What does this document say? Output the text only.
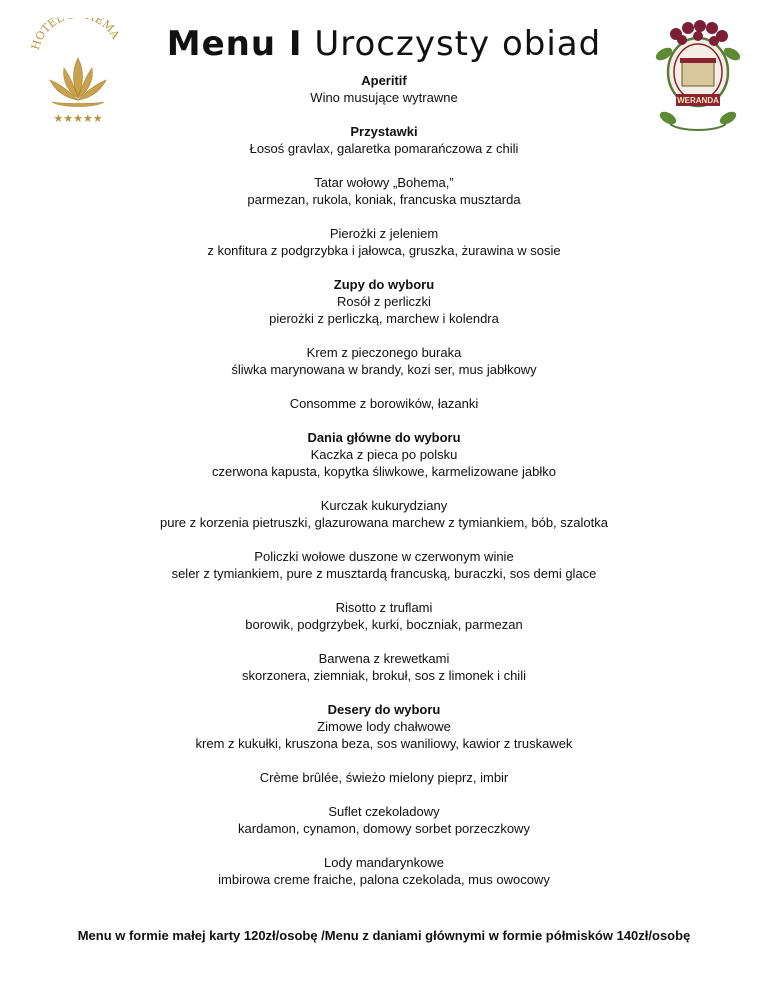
Menu I Uroczysty obiad
HOTEL EMA
★★★★★
WERANDA
Aperitif
Wino musujące wytrawne
Przystawki
Łosoś gravlax, galaretka pomarańczowa z chili
Tatar wołowy „Bohema,”
parmezan, rukola, koniak, francuska musztarda
Pierożki z jeleniem
z konfitura z podgrzybka i jałowca, gruszka, żurawina w sosie
Zupy do wyboru
Rosół z perliczki
pierożki z perliczką, marchew i kolendra
Krem z pieczonego buraka
śliwka marynowana w brandy, kozi ser, mus jabłkowy
Consomme z borowików, łazanki
Dania główne do wyboru
Kaczka z pieca po polsku
czerwona kapusta, kopytka śliwkowe, karmelizowane jabłko
Kurczak kukurydziany
pure z korzenia pietruszki, glazurowana marchew z tymiankiem, bób, szalotka
Policzki wołowe duszone w czerwonym winie
seler z tymiankiem, pure z musztardą francuską, buraczki, sos demi glace
Risotto z truflami
borowik, podgrzybek, kurki, boczniak, parmezan
Barwena z krewetkami
skorzonera, ziemniak, brokuł, sos z limonek i chili
Desery do wyboru
Zimowe lody chałwowe
krem z kukułki, kruszona beza, sos waniliowy, kawior z truskawek
Crème brûlée, świeżo mielony pieprz, imbir
Suflet czekoladowy
kardamon, cynamon, domowy sorbet porzeczkowy
Lody mandarynkowe
imbirowa creme fraiche, palona czekolada, mus owocowy
Menu w formie małej karty 120zł/osobę /Menu z daniami głównymi w formie półmisków 140zł/osobę
